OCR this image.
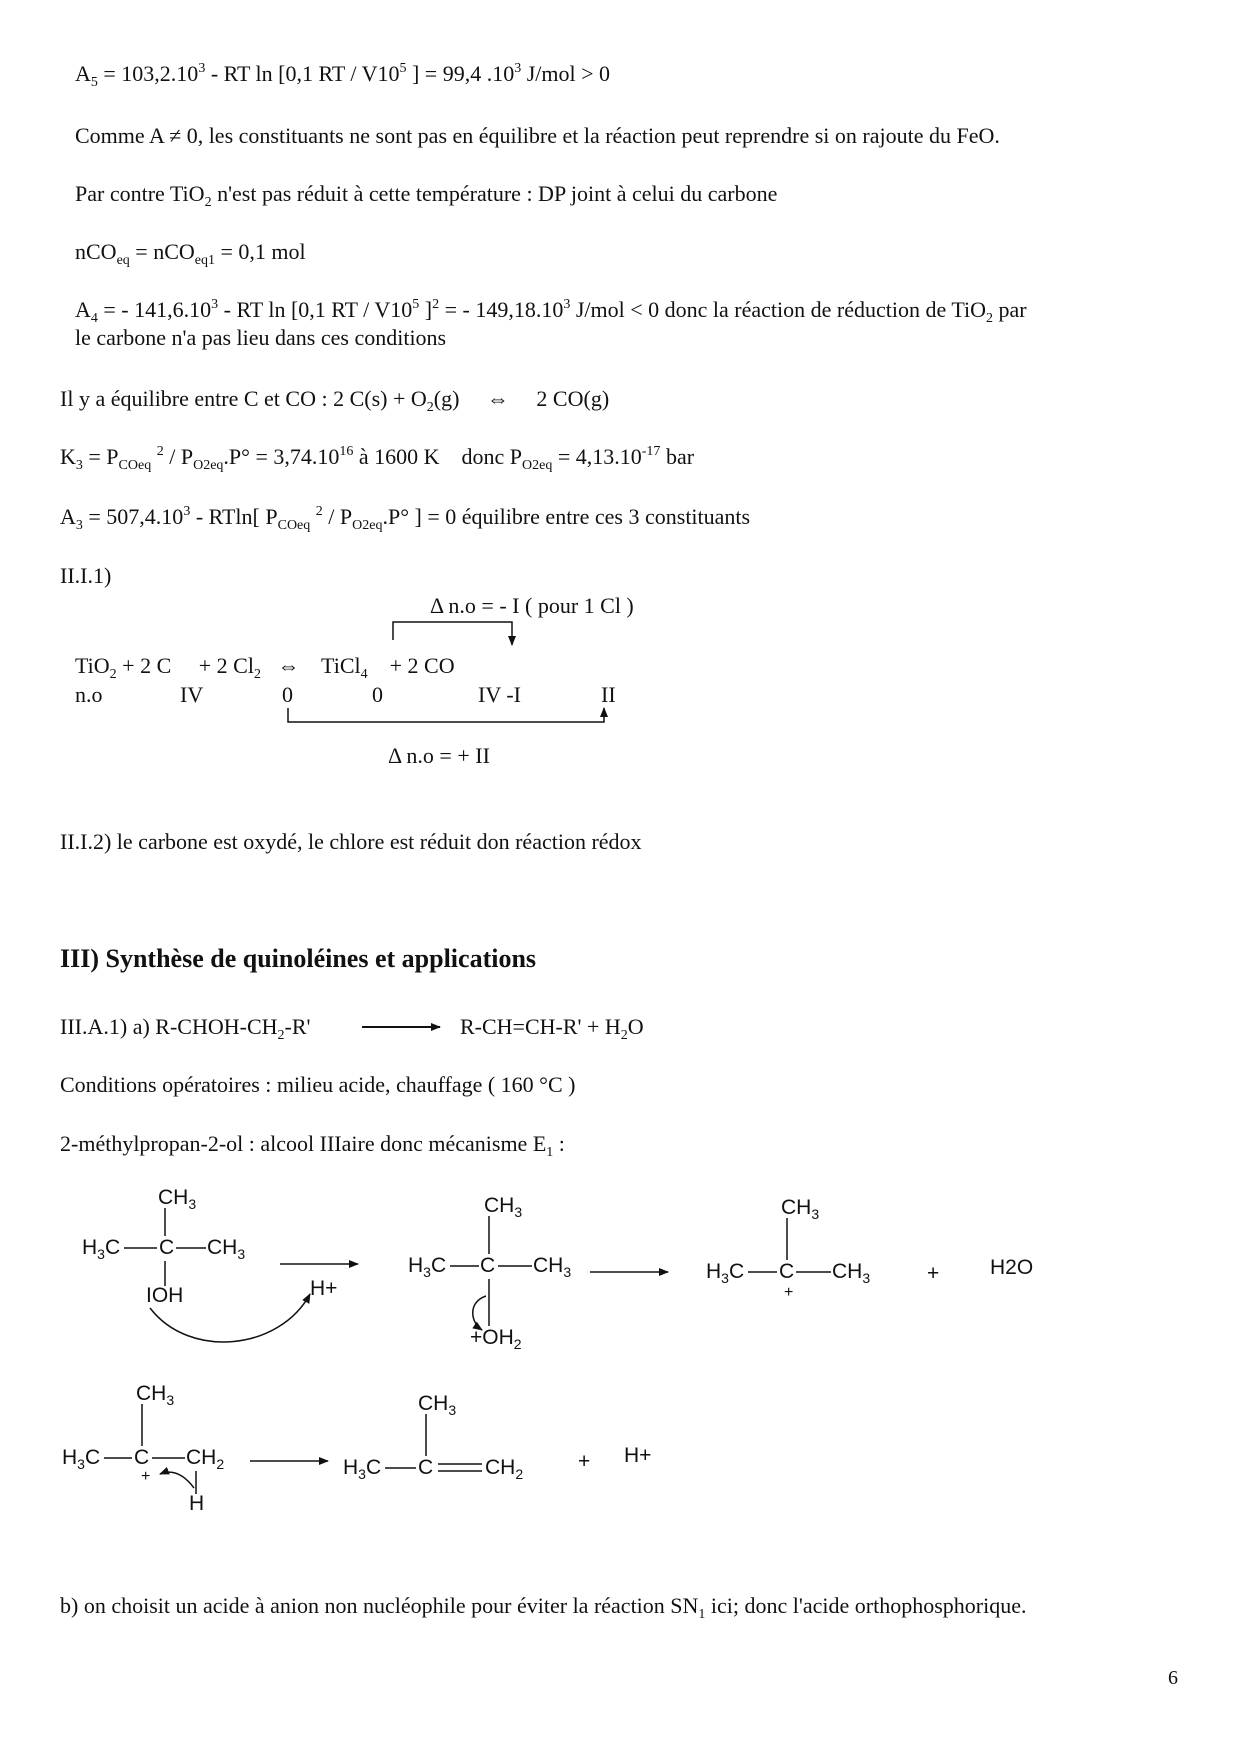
$A_5 = 103,2.10^3$ - RT ln [0,1 RT / $V10^5$ ] = 99,4 $.10^3$ J/mol > 0
Comme A ≠ 0, les constituants ne sont pas en équilibre et la réaction peut reprendre si on rajoute du FeO.
Par contre TiO$_2$ n'est pas réduit à cette température : DP joint à celui du carbone
nCO$_{eq}$ = nCO$_{eq1}$ = 0,1 mol
$A_4$ = - 141,6.10$^3$ - RT ln [0,1 RT / $V10^5$ ]$^2$ = - 149,18.10$^3$ J/mol < 0 donc la réaction de réduction de TiO$_2$ par
le carbone n'a pas lieu dans ces conditions
Il y a équilibre entre C et CO : 2 $C(s) + O_2(g)$     ⇔     2 CO(g)
$K_3 = P_{COeq}$ $^2 / P_{O2eq}.P^\circ = 3,74.10^{16}$ à 1600 K    donc $P_{O2eq} = 4,13.10^{-17}$ bar
$A_3 = 507,4.10^3 - RTln$[ $P_{COeq}$ $^2 / P_{O2eq}.P^\circ$ ] = 0 équilibre entre ces 3 constituants
II.I.1)
Δ n.o = - I ( pour 1 Cl )
TiO$_2$ + 2 C     + 2 $Cl_2$   ⇔    TiCl$_4$    + 2 CO
n.o	IV	0	0	IV -I	II
Δ n.o = + II
II.I.2) le carbone est oxydé, le chlore est réduit don réaction rédox
III) Synthèse de quinoléines et applications
III.A.1) a) $R-CHOH-CH_2-R'$	$R-CH=CH-R' + H_2O$
Conditions opératoires : milieu acide, chauffage ( 160 °C )
2-méthylpropan-2-ol : alcool IIIaire donc mécanisme $E_1$ :
$CH_3$
$H_3C$ C $CH_3$
IOH	H+
$CH_3$
$H_3C$ C $CH_3$
$+OH_2$
$CH_3$
$H_3C$ C $CH_3$
+
+ H2O
$CH_3$
$H_3C$ C $CH_2$
+
H
$CH_3$
$H_3C$ C $CH_2$
+ H+
b) on choisit un acide à anion non nucléophile pour éviter la réaction $SN_1$ ici; donc l'acide orthophosphorique.
6
